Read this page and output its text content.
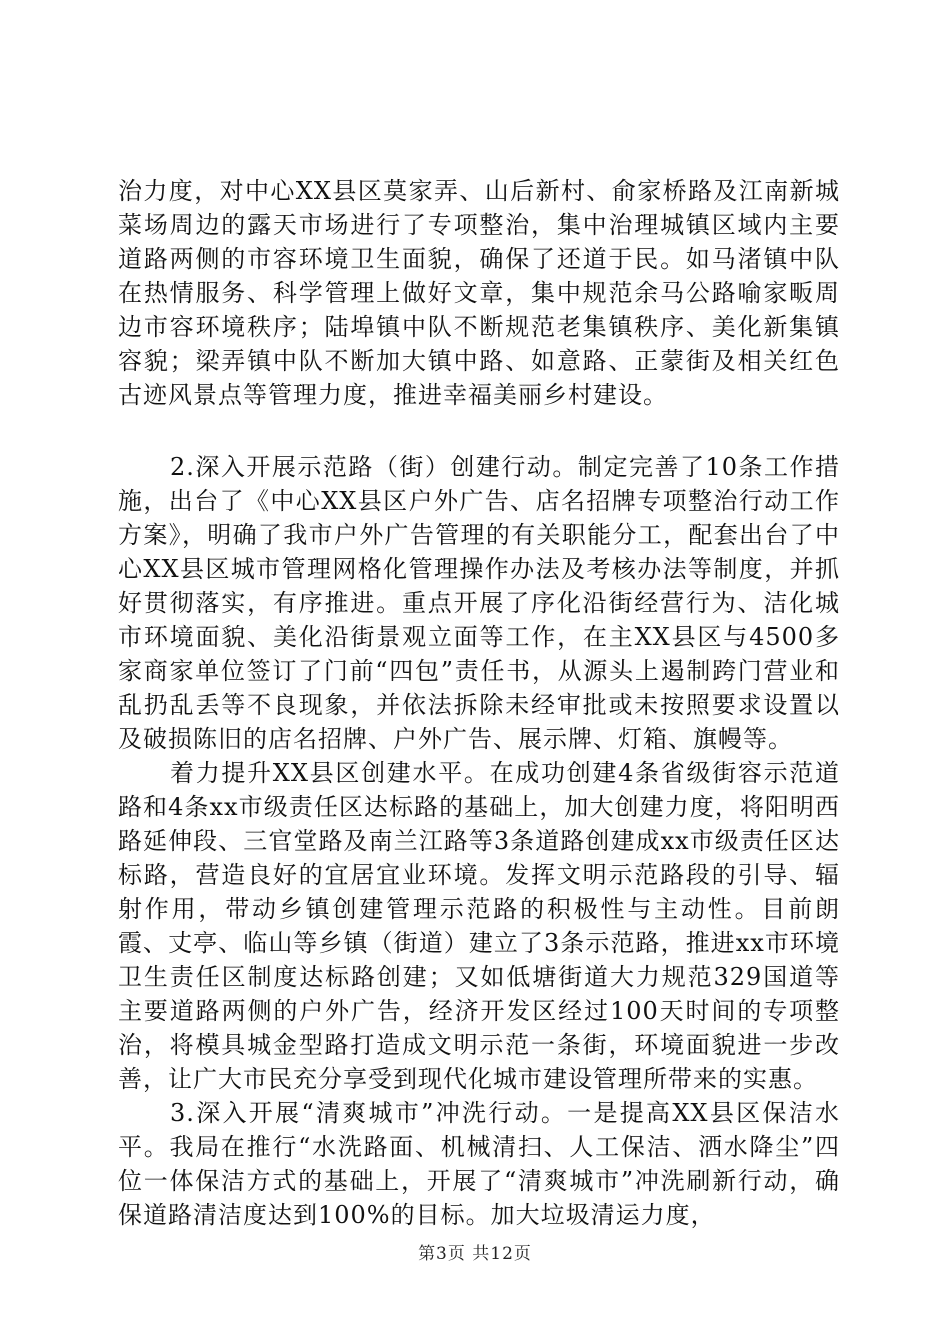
治力度，对中心XX县区莫家弄、山后新村、俞家桥路及江南新城菜场周边的露天市场进行了专项整治，集中治理城镇区域内主要道路两侧的市容环境卫生面貌，确保了还道于民。如马渚镇中队在热情服务、科学管理上做好文章，集中规范余马公路喻家畈周边市容环境秩序；陆埠镇中队不断规范老集镇秩序、美化新集镇容貌；梁弄镇中队不断加大镇中路、如意路、正蒙街及相关红色古迹风景点等管理力度，推进幸福美丽乡村建设。

2.深入开展示范路（街）创建行动。制定完善了10条工作措施，出台了《中心XX县区户外广告、店名招牌专项整治行动工作方案》，明确了我市户外广告管理的有关职能分工，配套出台了中心XX县区城市管理网格化管理操作办法及考核办法等制度，并抓好贯彻落实，有序推进。重点开展了序化沿街经营行为、洁化城市环境面貌、美化沿街景观立面等工作，在主XX县区与4500多家商家单位签订了门前“四包”责任书，从源头上遏制跨门营业和乱扔乱丢等不良现象，并依法拆除未经审批或未按照要求设置以及破损陈旧的店名招牌、户外广告、展示牌、灯箱、旗幔等。

着力提升XX县区创建水平。在成功创建4条省级街容示范道路和4条xx市级责任区达标路的基础上，加大创建力度，将阳明西路延伸段、三官堂路及南兰江路等3条道路创建成xx市级责任区达标路，营造良好的宜居宜业环境。发挥文明示范路段的引导、辐射作用，带动乡镇创建管理示范路的积极性与主动性。目前朗霞、丈亭、临山等乡镇（街道）建立了3条示范路，推进xx市环境卫生责任区制度达标路创建；又如低塘街道大力规范329国道等主要道路两侧的户外广告，经济开发区经过100天时间的专项整治，将模具城金型路打造成文明示范一条街，环境面貌进一步改善，让广大市民充分享受到现代化城市建设管理所带来的实惠。

3.深入开展“清爽城市”冲洗行动。一是提高XX县区保洁水平。我局在推行“水洗路面、机械清扫、人工保洁、洒水降尘”四位一体保洁方式的基础上，开展了“清爽城市”冲洗刷新行动，确保道路清洁度达到100%的目标。加大垃圾清运力度，

第3页 共12页
